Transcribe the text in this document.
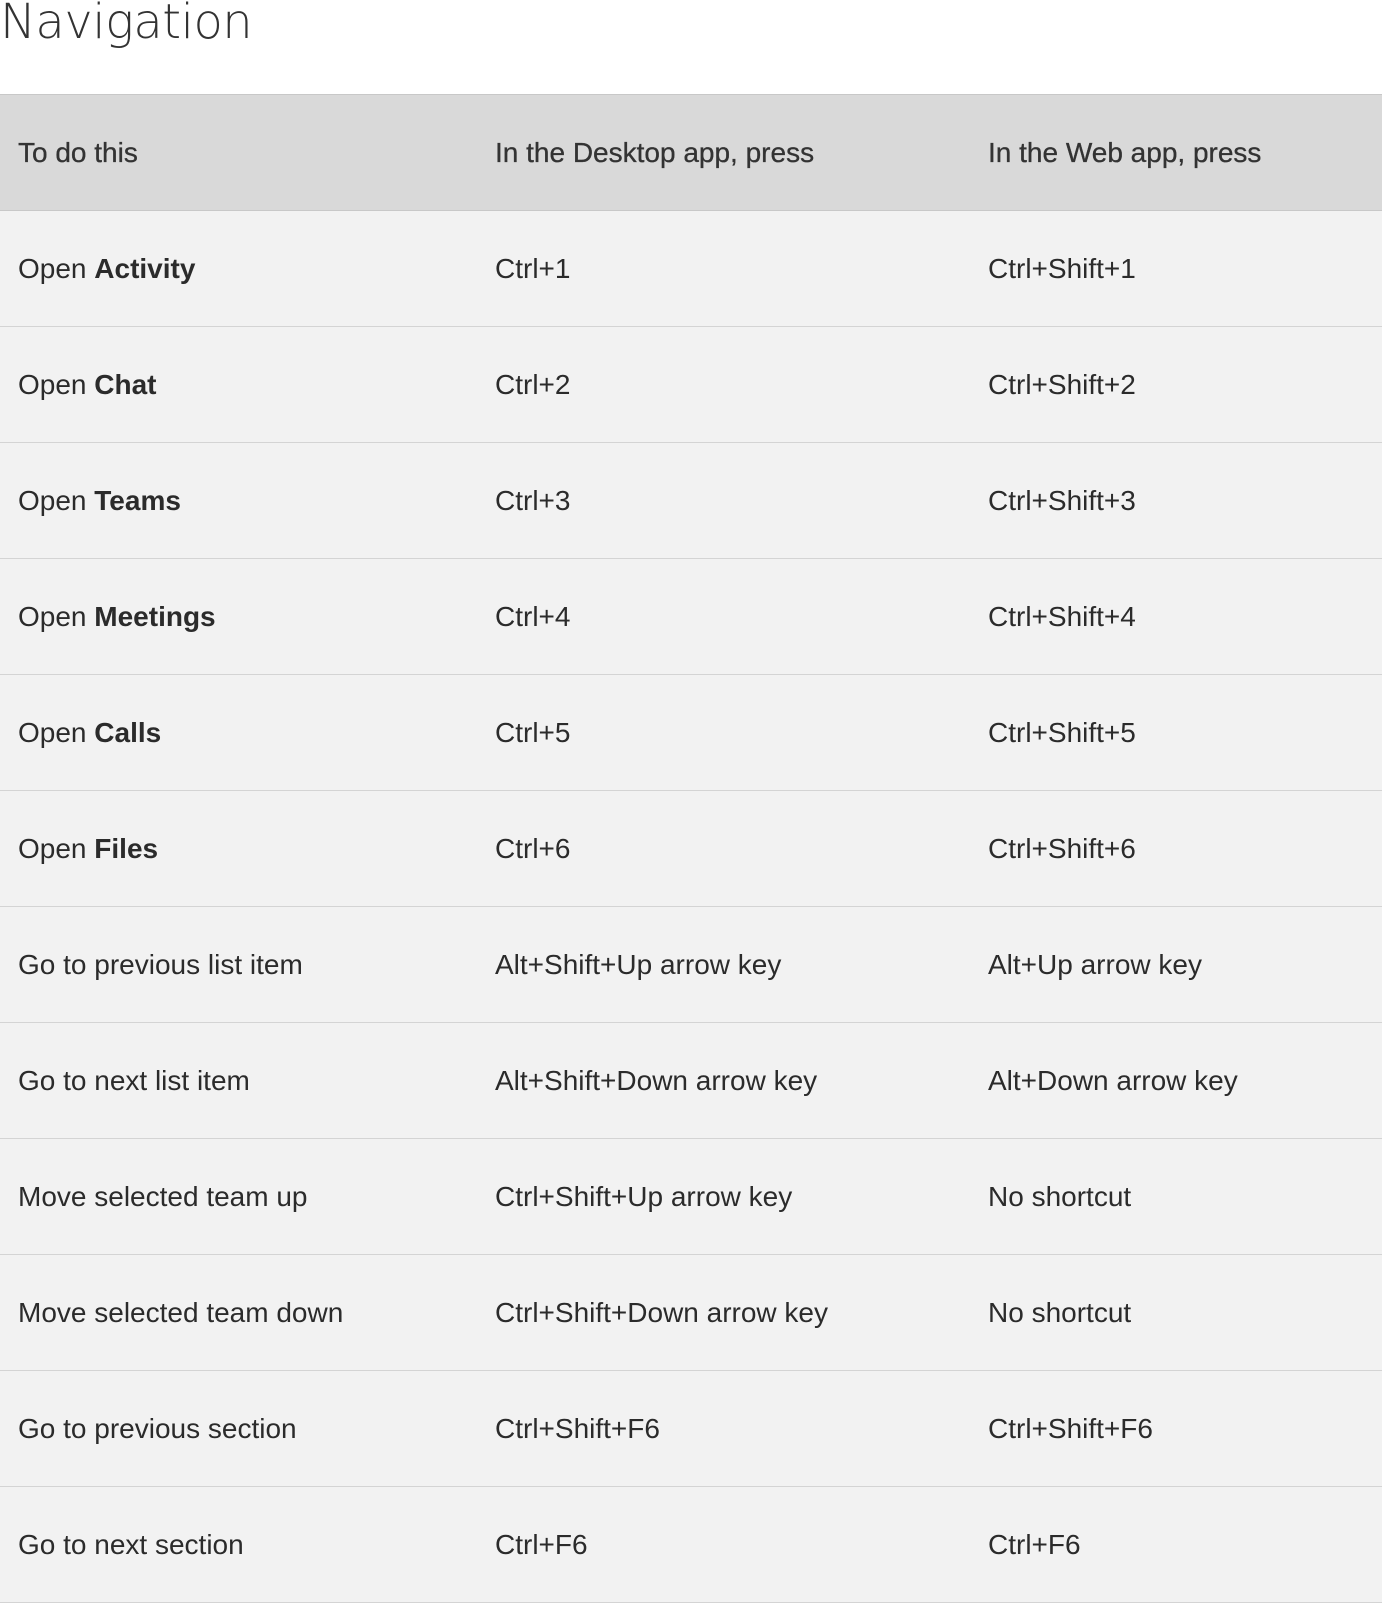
Navigation
To do this	In the Desktop app, press	In the Web app, press
Open Activity	Ctrl+1	Ctrl+Shift+1
Open Chat	Ctrl+2	Ctrl+Shift+2
Open Teams	Ctrl+3	Ctrl+Shift+3
Open Meetings	Ctrl+4	Ctrl+Shift+4
Open Calls	Ctrl+5	Ctrl+Shift+5
Open Files	Ctrl+6	Ctrl+Shift+6
Go to previous list item	Alt+Shift+Up arrow key	Alt+Up arrow key
Go to next list item	Alt+Shift+Down arrow key	Alt+Down arrow key
Move selected team up	Ctrl+Shift+Up arrow key	No shortcut
Move selected team down	Ctrl+Shift+Down arrow key	No shortcut
Go to previous section	Ctrl+Shift+F6	Ctrl+Shift+F6
Go to next section	Ctrl+F6	Ctrl+F6
